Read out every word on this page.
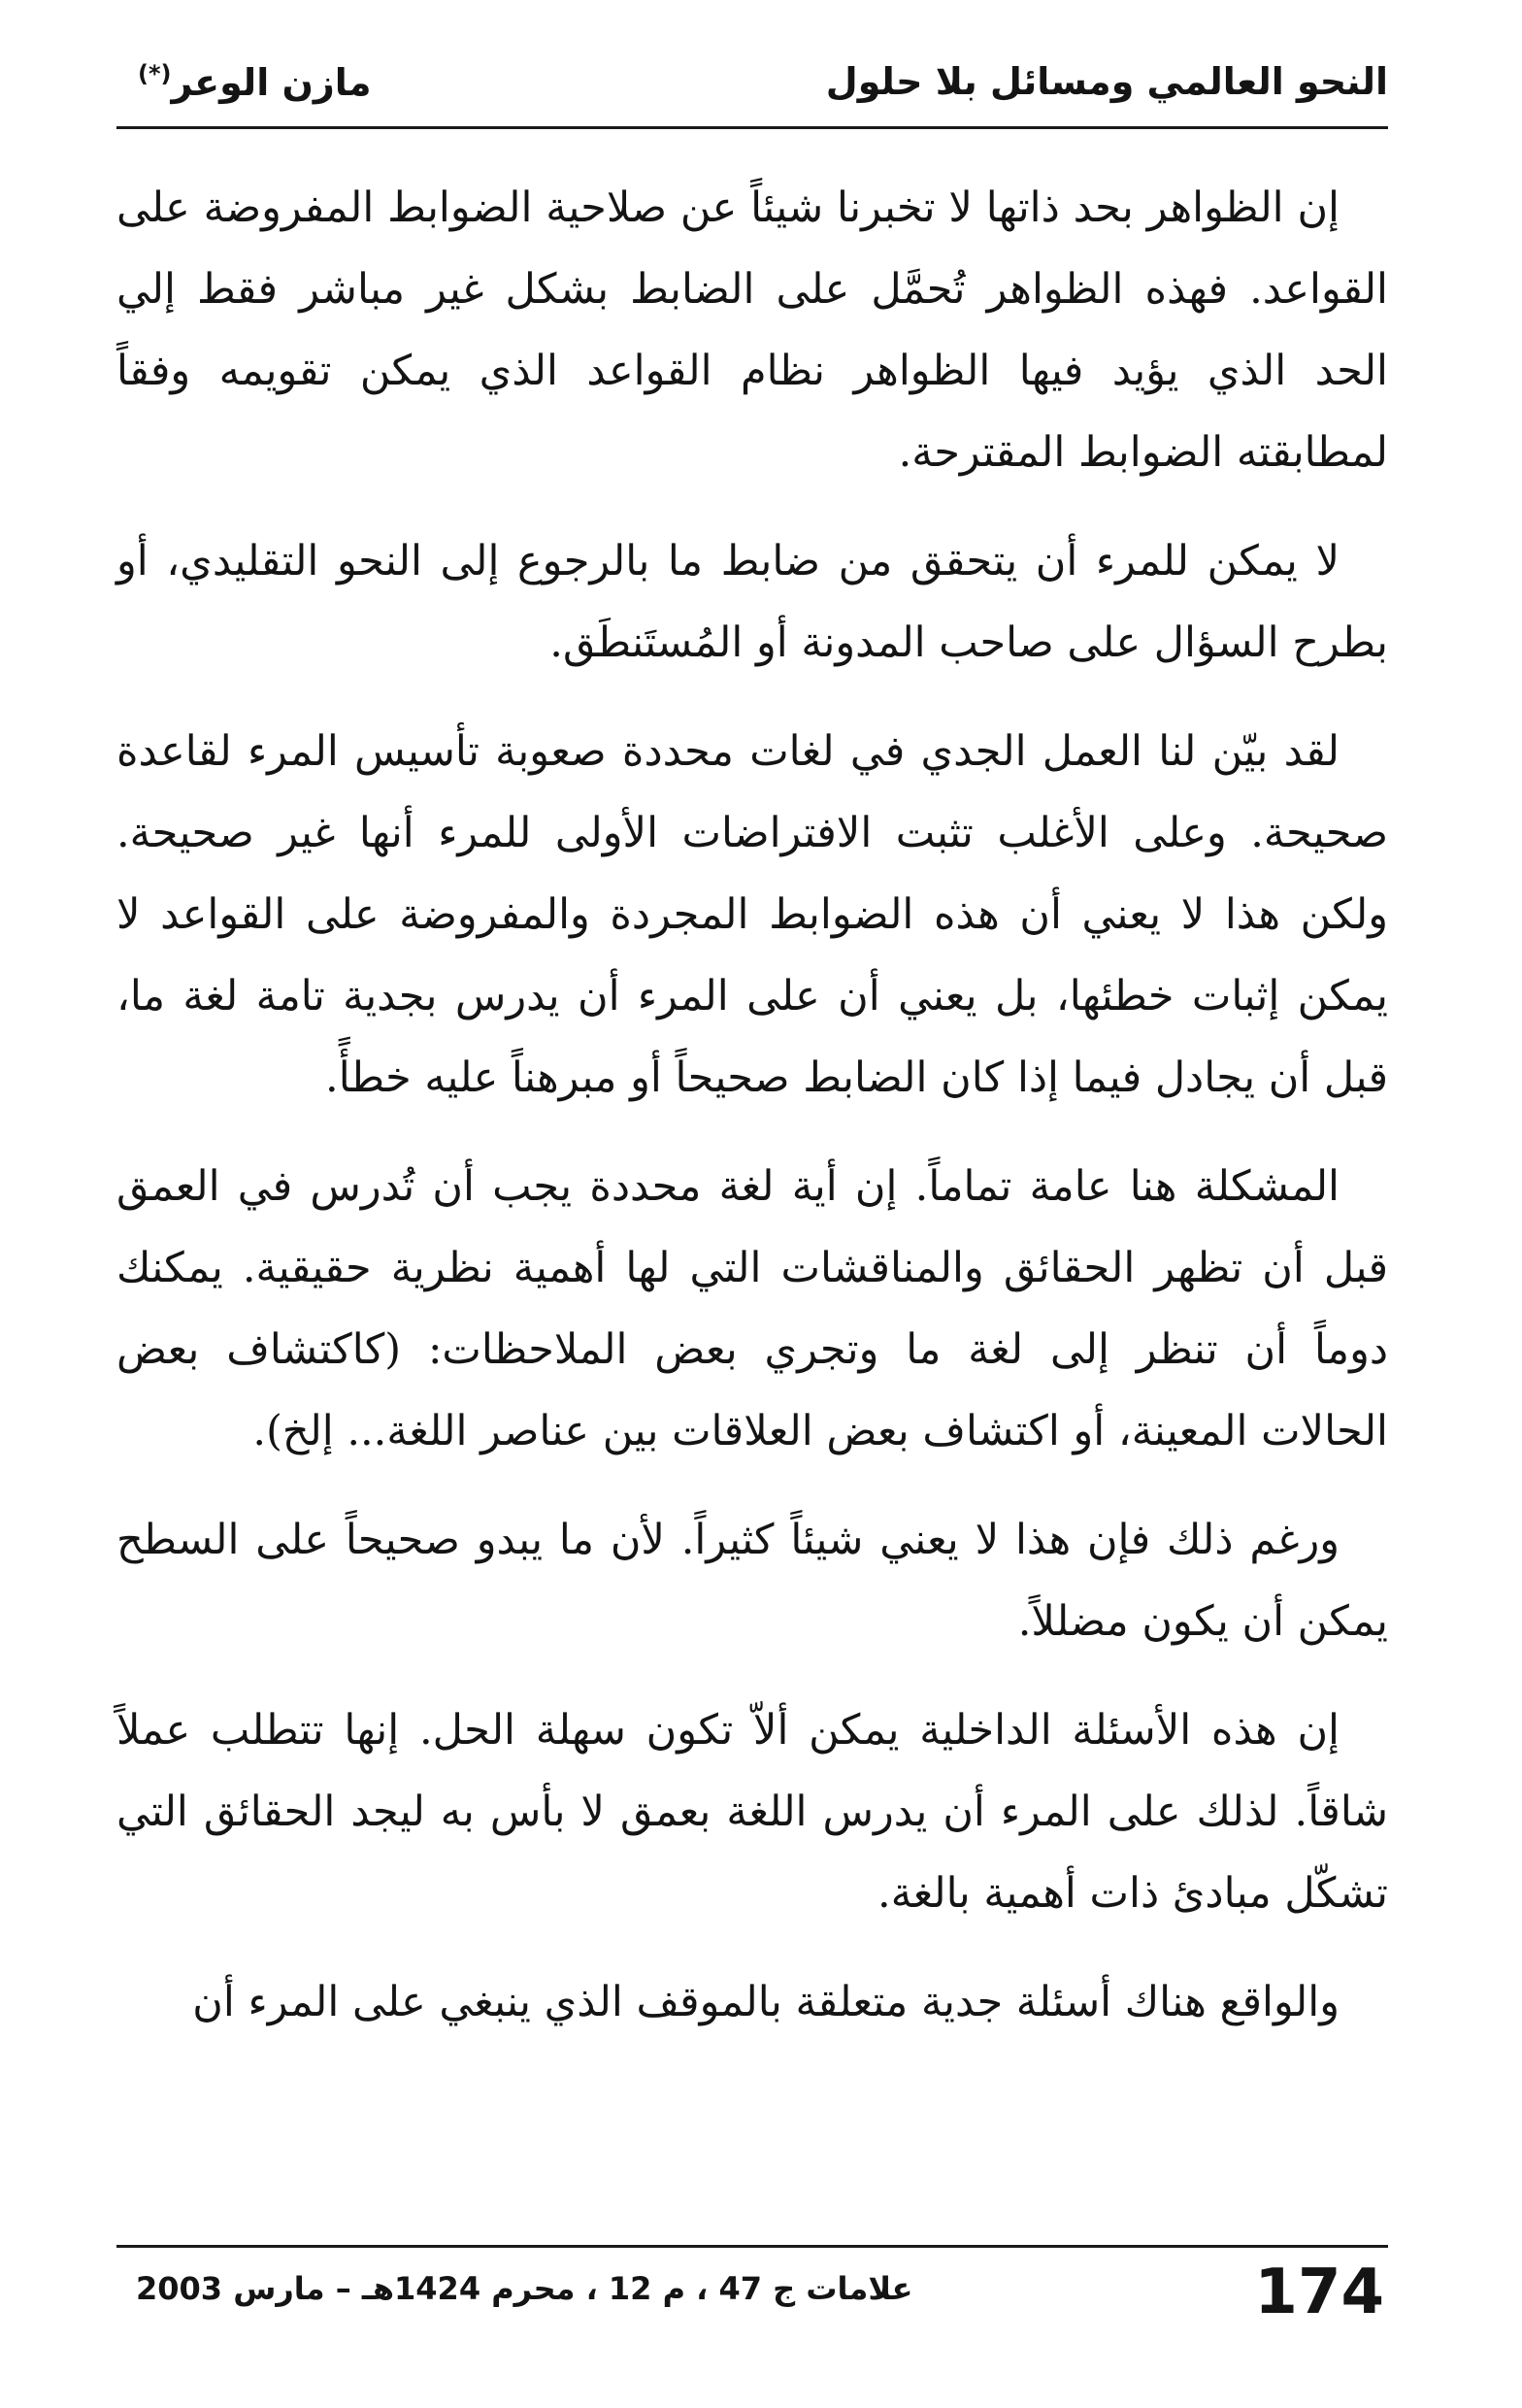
النحو العالمي ومسائل بلا حلول
مازن الوعر(*)

إن الظواهر بحد ذاتها لا تخبرنا شيئاً عن صلاحية الضوابط المفروضة على القواعد. فهذه الظواهر تُحمَّل على الضابط بشكل غير مباشر فقط إلي الحد الذي يؤيد فيها الظواهر نظام القواعد الذي يمكن تقويمه وفقاً لمطابقته الضوابط المقترحة.

لا يمكن للمرء أن يتحقق من ضابط ما بالرجوع إلى النحو التقليدي، أو بطرح السؤال على صاحب المدونة أو المُستَنطَق.

لقد بيّن لنا العمل الجدي في لغات محددة صعوبة تأسيس المرء لقاعدة صحيحة. وعلى الأغلب تثبت الافتراضات الأولى للمرء أنها غير صحيحة. ولكن هذا لا يعني أن هذه الضوابط المجردة والمفروضة على القواعد لا يمكن إثبات خطئها، بل يعني أن على المرء أن يدرس بجدية تامة لغة ما، قبل أن يجادل فيما إذا كان الضابط صحيحاً أو مبرهناً عليه خطأً.

المشكلة هنا عامة تماماً. إن أية لغة محددة يجب أن تُدرس في العمق قبل أن تظهر الحقائق والمناقشات التي لها أهمية نظرية حقيقية. يمكنك دوماً أن تنظر إلى لغة ما وتجري بعض الملاحظات: (كاكتشاف بعض الحالات المعينة، أو اكتشاف بعض العلاقات بين عناصر اللغة... إلخ).

ورغم ذلك فإن هذا لا يعني شيئاً كثيراً. لأن ما يبدو صحيحاً على السطح يمكن أن يكون مضللاً.

إن هذه الأسئلة الداخلية يمكن ألاّ تكون سهلة الحل. إنها تتطلب عملاً شاقاً. لذلك على المرء أن يدرس اللغة بعمق لا بأس به ليجد الحقائق التي تشكّل مبادئ ذات أهمية بالغة.

والواقع هناك أسئلة جدية متعلقة بالموقف الذي ينبغي على المرء أن

174
علامات ج 47 ، م 12 ، محرم 1424هـ – مارس 2003
